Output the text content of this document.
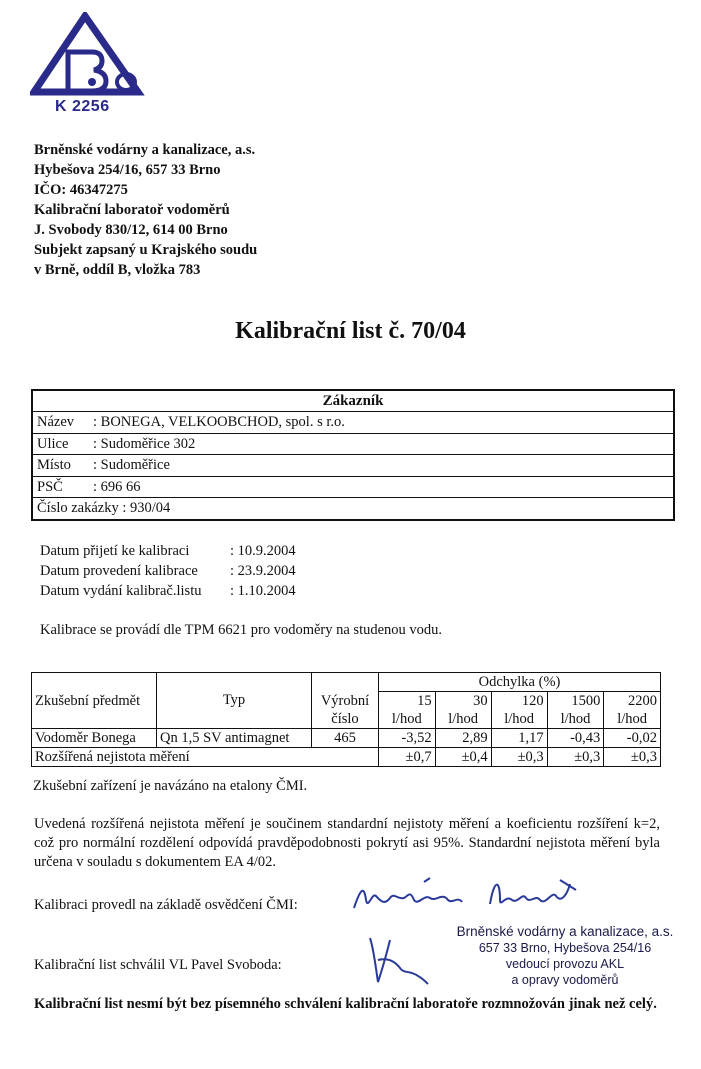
K 2256
Brněnské vodárny a kanalizace, a.s.
Hybešova 254/16, 657 33 Brno
IČO: 46347275
Kalibrační laboratoř vodoměrů
J. Svobody 830/12, 614 00 Brno
Subjekt zapsaný u Krajského soudu
v Brně, oddíl B, vložka 783
Kalibrační list č. 70/04
Zákazník
Název	: BONEGA, VELKOOBCHOD, spol. s r.o.
Ulice	: Sudoměřice 302
Místo	: Sudoměřice
PSČ	: 696 66
Číslo zakázky : 930/04
Datum přijetí ke kalibraci	: 10.9.2004
Datum provedení kalibrace	: 23.9.2004
Datum vydání kalibrač.listu	: 1.10.2004
Kalibrace se provádí dle TPM 6621 pro vodoměry na studenou vodu.
Zkušební předmět			Odchylka (%)				
	Typ	Výrobní	15	30	120	1500	2200
		číslo	l/hod	l/hod	l/hod	l/hod	l/hod
Vodoměr Bonega	Qn 1,5 SV antimagnet	465	-3,52	2,89	1,17	-0,43	-0,02
Rozšířená nejistota měření			±0,7	±0,4	±0,3	±0,3	±0,3
Zkušební zařízení je navázáno na etalony ČMI.
Uvedená rozšířená nejistota měření je součinem standardní nejistoty měření a koeficientu rozšíření k=2, což pro normální rozdělení odpovídá pravděpodobnosti pokrytí asi 95%. Standardní nejistota měření byla určena v souladu s dokumentem EA 4/02.
Kalibraci provedl na základě osvědčení ČMI:
Kalibrační list schválil VL Pavel Svoboda:
Brněnské vodárny a kanalizace, a.s.
657 33 Brno, Hybešova 254/16
vedoucí provozu AKL
a opravy vodoměrů
Kalibrační list nesmí být bez písemného schválení kalibrační laboratoře rozmnožován jinak než celý.
